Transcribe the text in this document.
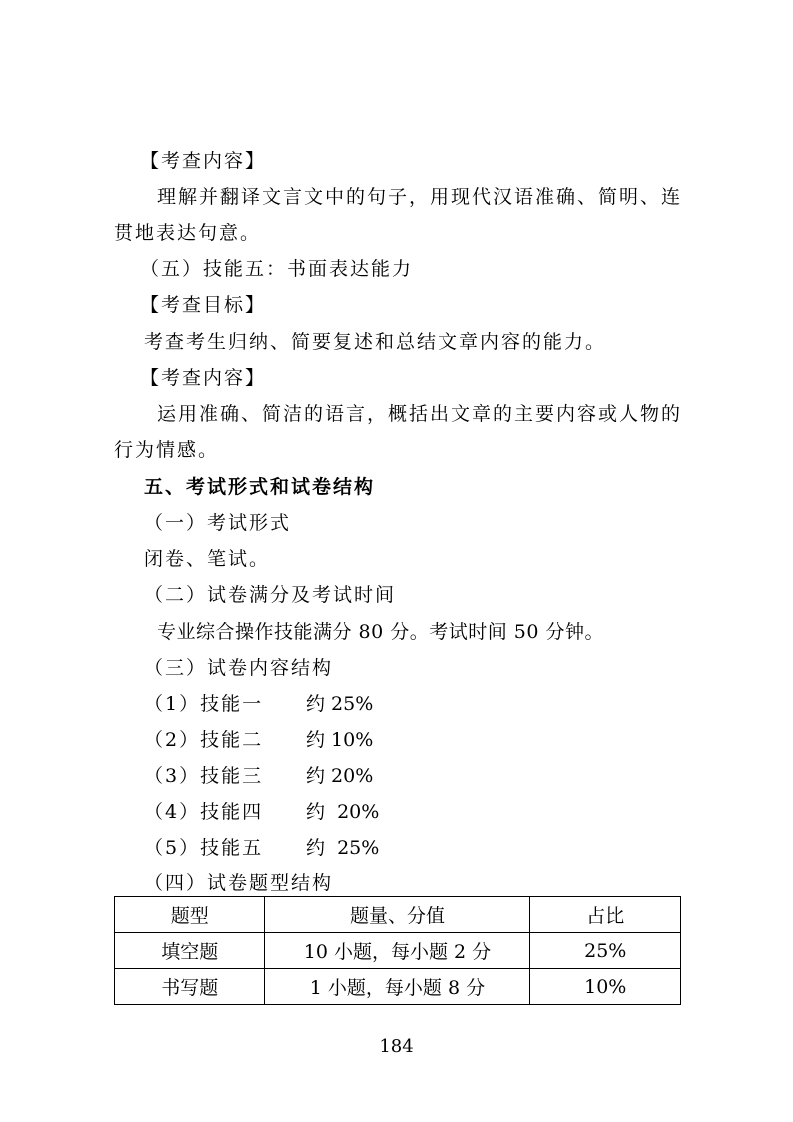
【考查内容】
理解并翻译文言文中的句子，用现代汉语准确、简明、连
贯地表达句意。
（五）技能五：书面表达能力
【考查目标】
考查考生归纳、简要复述和总结文章内容的能力。
【考查内容】
运用准确、简洁的语言，概括出文章的主要内容或人物的
行为情感。
五、考试形式和试卷结构
（一）考试形式
闭卷、笔试。
（二）试卷满分及考试时间
专业综合操作技能满分 80 分。考试时间 50 分钟。
（三）试卷内容结构
（1）技能一 约 25%
（2）技能二 约 10%
（3）技能三 约 20%
（4）技能四 约  20%
（5）技能五 约  25%
（四）试卷题型结构
题型	题量、分值	占比
填空题	10 小题，每小题 2 分	25%
书写题	1 小题，每小题 8 分	10%
184
